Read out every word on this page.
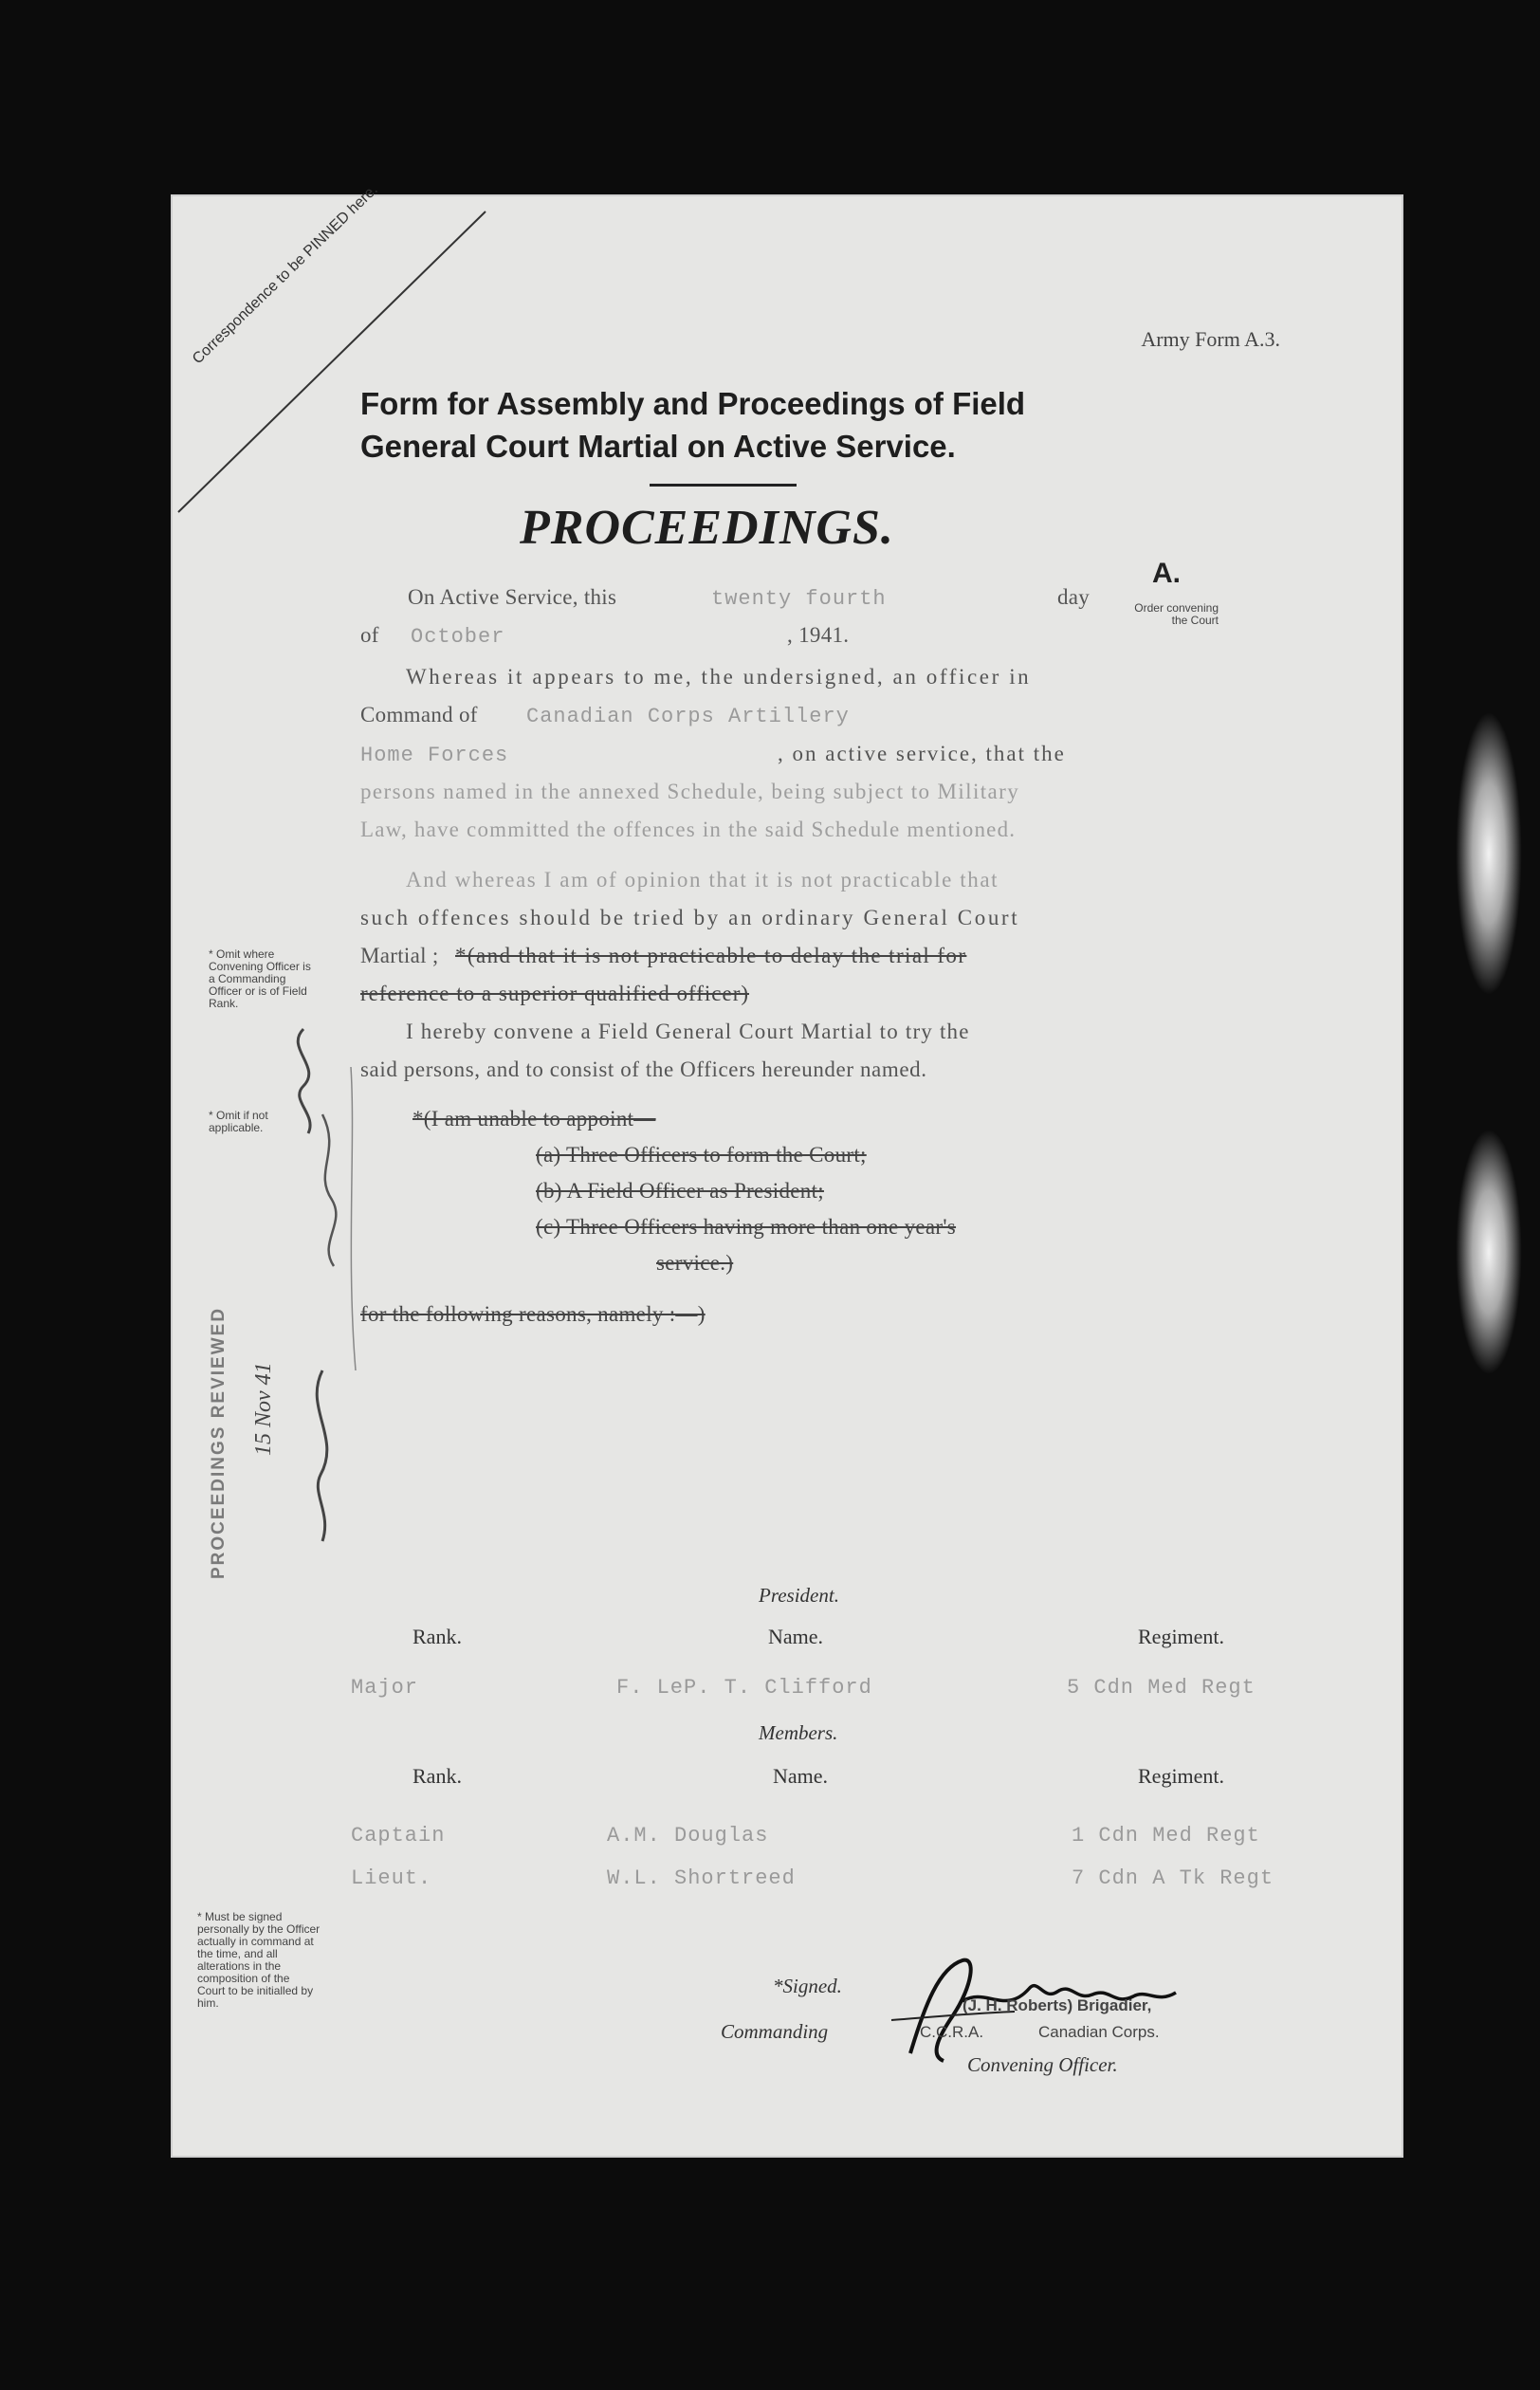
Correspondence to be PINNED here.	Army Form A.3.
Form for Assembly and Proceedings of Field
General Court Martial on Active Service.
PROCEEDINGS.
A.
Order convening the Court
On Active Service, this	twenty fourth	day
of October	, 1941.
Whereas it appears to me, the undersigned, an officer in
Command of Canadian Corps Artillery
Home Forces	, on active service, that the
persons named in the annexed Schedule, being subject to Military
Law, have committed the offences in the said Schedule mentioned.
And whereas I am of opinion that it is not practicable that
such offences should be tried by an ordinary General Court
Martial ; *(and that it is not practicable to delay the trial for
reference to a superior qualified officer)
I hereby convene a Field General Court Martial to try the
said persons, and to consist of the Officers hereunder named.
*(I am unable to appoint—
(a) Three Officers to form the Court;
(b) A Field Officer as President;
(c) Three Officers having more than one year's
service.)
for the following reasons, namely :—)
* Omit where Convening Officer is a Commanding Officer or is of Field Rank.
* Omit if not applicable.
* Must be signed personally by the Officer actually in command at the time, and all alterations in the composition of the Court to be initialled by him.
PROCEEDINGS REVIEWED 15 Nov 41
President.
Rank.	Name.	Regiment.
Major	F. LeP. T. Clifford	5 Cdn Med Regt
Members.
Rank.	Name.	Regiment.
Captain	A.M. Douglas	1 Cdn Med Regt
Lieut.	W.L. Shortreed	7 Cdn A Tk Regt
*Signed.
Commanding
(J. H. Roberts) Brigadier,
C.C.R.A.	Canadian Corps.
Convening Officer.
